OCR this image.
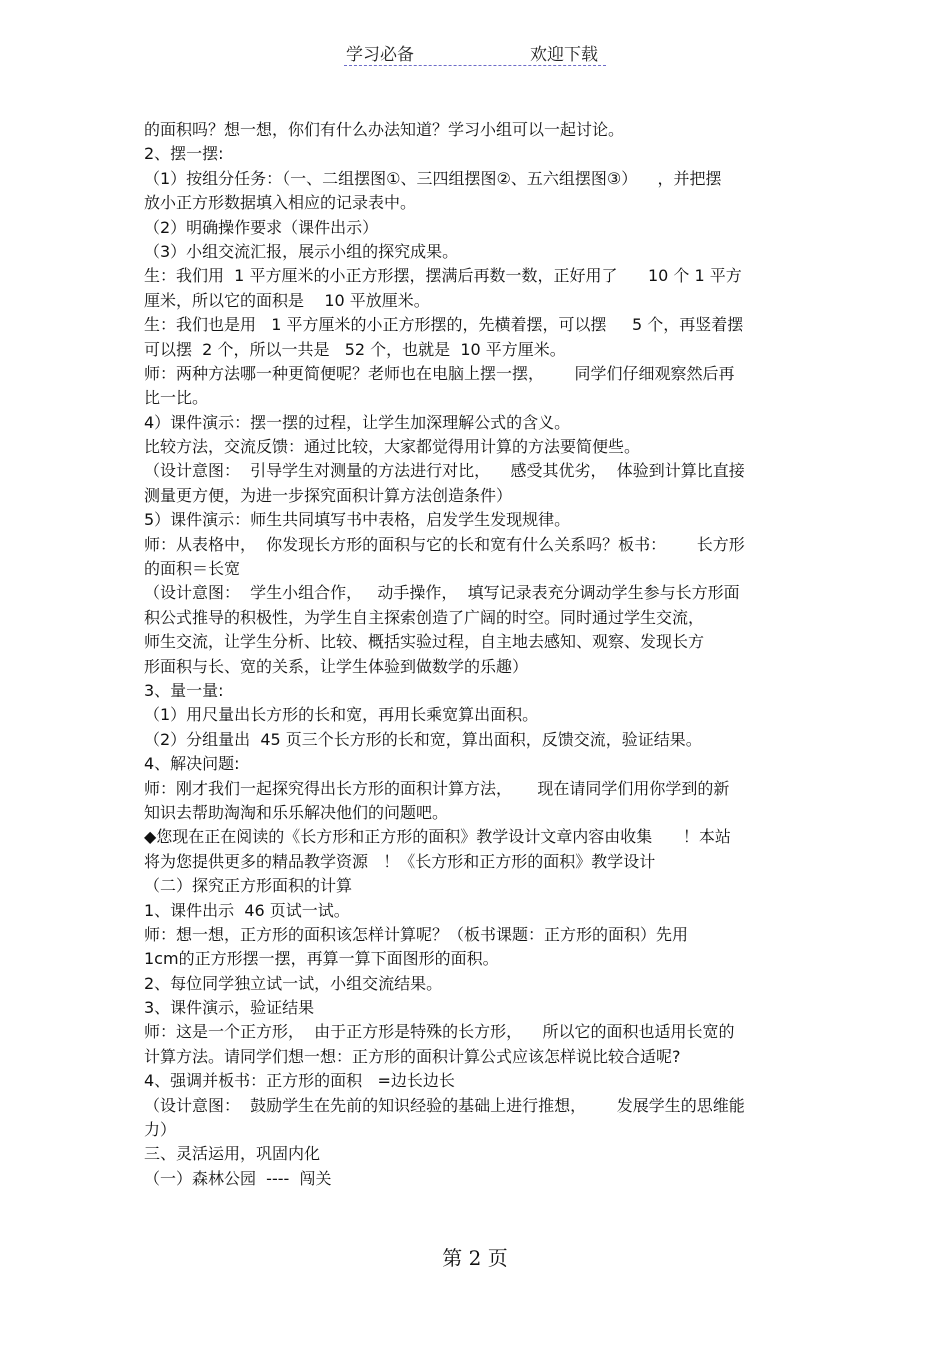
学习必备	欢迎下载
的面积吗？想一想，你们有什么办法知道？学习小组可以一起讨论。
2、摆一摆:
（1）按组分任务：（一、二组摆图①、三四组摆图②、五六组摆图③）    ，并把摆
放小正方形数据填入相应的记录表中。
（2）明确操作要求（课件出示）
（3）小组交流汇报，展示小组的探究成果。
生：我们用  1 平方厘米的小正方形摆，摆满后再数一数，正好用了      10 个 1 平方
厘米，所以它的面积是    10 平放厘米。
生：我们也是用   1 平方厘米的小正方形摆的，先横着摆，可以摆     5 个，再竖着摆
可以摆  2 个，所以一共是   52 个，也就是  10 平方厘米。
师：两种方法哪一种更简便呢？老师也在电脑上摆一摆，      同学们仔细观察然后再
比一比。
4）课件演示：摆一摆的过程，让学生加深理解公式的含义。
比较方法，交流反馈：通过比较，大家都觉得用计算的方法要简便些。
（设计意图：  引导学生对测量的方法进行对比，    感受其优劣，  体验到计算比直接
测量更方便，为进一步探究面积计算方法创造条件）
5）课件演示：师生共同填写书中表格，启发学生发现规律。
师：从表格中，  你发现长方形的面积与它的长和宽有什么关系吗？板书：      长方形
的面积＝长宽
（设计意图：  学生小组合作，   动手操作，  填写记录表充分调动学生参与长方形面
积公式推导的积极性，为学生自主探索创造了广阔的时空。同时通过学生交流，
师生交流，让学生分析、比较、概括实验过程，自主地去感知、观察、发现长方
形面积与长、宽的关系，让学生体验到做数学的乐趣）
3、量一量:
（1）用尺量出长方形的长和宽，再用长乘宽算出面积。
（2）分组量出  45 页三个长方形的长和宽，算出面积，反馈交流，验证结果。
4、解决问题:
师：刚才我们一起探究得出长方形的面积计算方法，     现在请同学们用你学到的新
知识去帮助淘淘和乐乐解决他们的问题吧。
◆您现在正在阅读的《长方形和正方形的面积》教学设计文章内容由收集      ！本站
将为您提供更多的精品教学资源   ！《长方形和正方形的面积》教学设计
（二）探究正方形面积的计算
1、课件出示  46 页试一试。
师：想一想，正方形的面积该怎样计算呢？（板书课题：正方形的面积）先用
1cm的正方形摆一摆，再算一算下面图形的面积。
2、每位同学独立试一试，小组交流结果。
3、课件演示，验证结果
师：这是一个正方形，  由于正方形是特殊的长方形，    所以它的面积也适用长宽的
计算方法。请同学们想一想：正方形的面积计算公式应该怎样说比较合适呢?
4、强调并板书：正方形的面积   =边长边长
（设计意图：  鼓励学生在先前的知识经验的基础上进行推想，      发展学生的思维能
力）
三、灵活运用，巩固内化
（一）森林公园  ----  闯关
第 2 页
